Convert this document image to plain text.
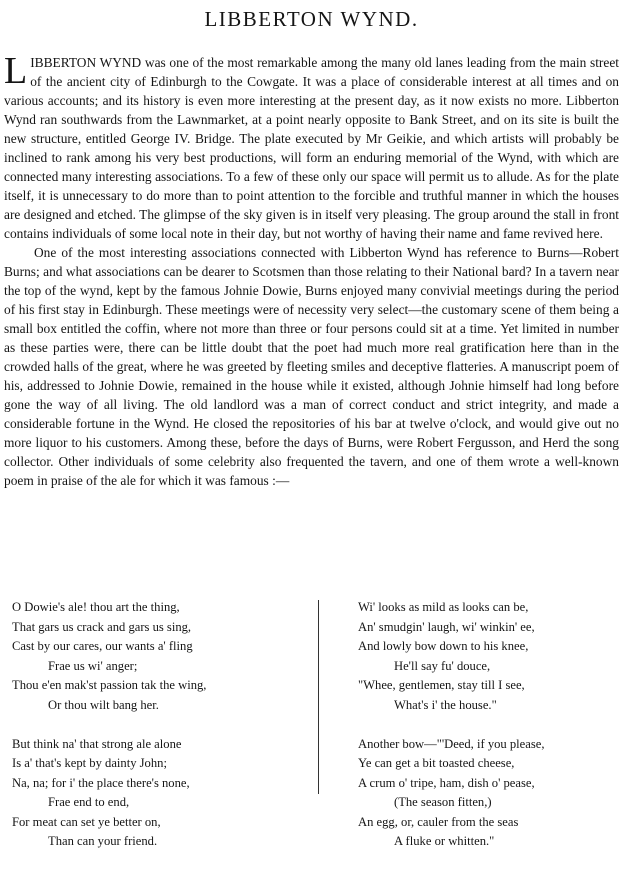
LIBBERTON WYND.

LIBBERTON WYND was one of the most remarkable among the many old lanes leading from the main street of the ancient city of Edinburgh to the Cowgate. It was a place of considerable interest at all times and on various accounts; and its history is even more interesting at the present day, as it now exists no more. Libberton Wynd ran southwards from the Lawnmarket, at a point nearly opposite to Bank Street, and on its site is built the new structure, entitled George IV. Bridge. The plate executed by Mr Geikie, and which artists will probably be inclined to rank among his very best productions, will form an enduring memorial of the Wynd, with which are connected many interesting associations. To a few of these only our space will permit us to allude. As for the plate itself, it is unnecessary to do more than to point attention to the forcible and truthful manner in which the houses are designed and etched. The glimpse of the sky given is in itself very pleasing. The group around the stall in front contains individuals of some local note in their day, but not worthy of having their name and fame revived here.

One of the most interesting associations connected with Libberton Wynd has reference to Burns—Robert Burns; and what associations can be dearer to Scotsmen than those relating to their National bard? In a tavern near the top of the wynd, kept by the famous Johnie Dowie, Burns enjoyed many convivial meetings during the period of his first stay in Edinburgh. These meetings were of necessity very select—the customary scene of them being a small box entitled the coffin, where not more than three or four persons could sit at a time. Yet limited in number as these parties were, there can be little doubt that the poet had much more real gratification here than in the crowded halls of the great, where he was greeted by fleeting smiles and deceptive flatteries. A manuscript poem of his, addressed to Johnie Dowie, remained in the house while it existed, although Johnie himself had long before gone the way of all living. The old landlord was a man of correct conduct and strict integrity, and made a considerable fortune in the Wynd. He closed the repositories of his bar at twelve o'clock, and would give out no more liquor to his customers. Among these, before the days of Burns, were Robert Fergusson, and Herd the song collector. Other individuals of some celebrity also frequented the tavern, and one of them wrote a well-known poem in praise of the ale for which it was famous :—

O Dowie's ale! thou art the thing,
That gars us crack and gars us sing,
Cast by our cares, our wants a' fling
Frae us wi' anger;
Thou e'en mak'st passion tak the wing,
Or thou wilt bang her.
But think na' that strong ale alone
Is a' that's kept by dainty John;
Na, na; for i' the place there's none,
Frae end to end,
For meat can set ye better on,
Than can your friend.
Wi' looks as mild as looks can be,
An' smudgin' laugh, wi' winkin' ee,
And lowly bow down to his knee,
He'll say fu' douce,
"Whee, gentlemen, stay till I see,
What's i' the house."
Another bow—"'Deed, if you please,
Ye can get a bit toasted cheese,
A crum o' tripe, ham, dish o' pease,
(The season fitten,)
An egg, or, cauler from the seas
A fluke or whitten."
